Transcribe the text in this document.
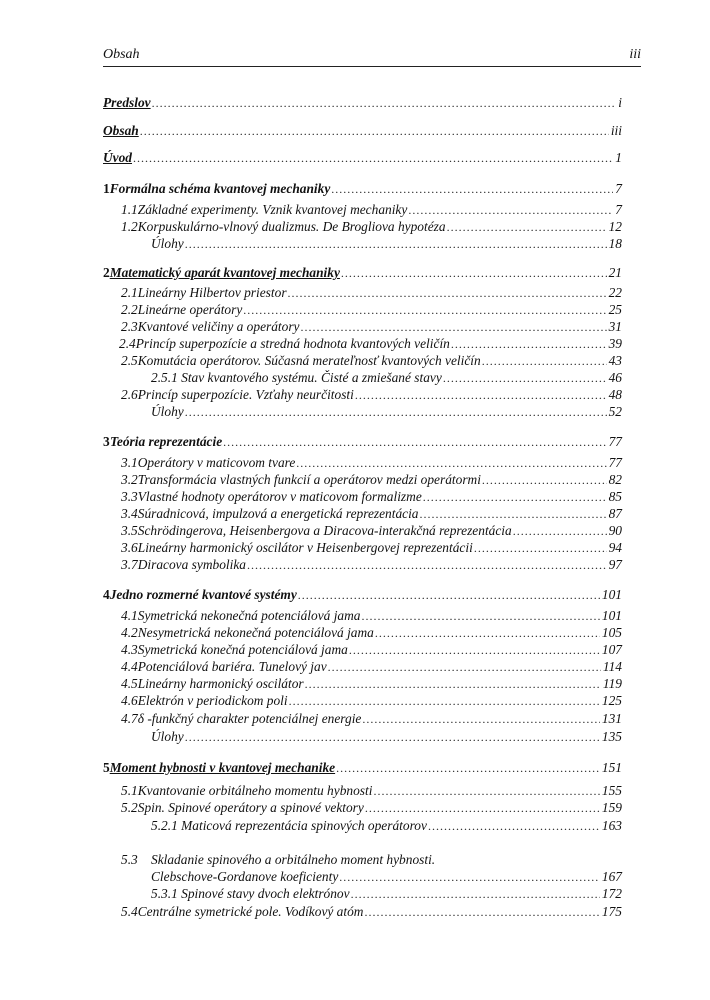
Obsah	iii
Predslov .....	i
Obsah .....	iii
Úvod .....	1
1 Formálna schéma kvantovej mechaniky .....	7
1.1 Základné experimenty. Vznik kvantovej mechaniky .....	7
1.2 Korpuskulárno-vlnový dualizmus. De Brogliova hypotéza .....	12
Úlohy .....	18
2 Matematický aparát kvantovej mechaniky .....	21
2.1 Lineárny Hilbertov priestor .....	22
2.2 Lineárne operátory .....	25
2.3 Kvantové veličiny a operátory .....	31
2.4 Princíp superpozície a stredná hodnota kvantových veličín .....	39
2.5 Komutácia operátorov. Súčasná merateľnosť kvantových veličín .....	43
2.5.1 Stav kvantového systému. Čisté a zmiešané stavy .....	46
2.6 Princíp superpozície. Vzťahy neurčitosti .....	48
Úlohy .....	52
3 Teória reprezentácie .....	77
3.1 Operátory v maticovom tvare .....	77
3.2 Transformácia vlastných funkcií a operátorov medzi operátormi .....	82
3.3 Vlastné hodnoty operátorov v maticovom formalizme .....	85
3.4 Súradnicová, impulzová a energetická reprezentácia .....	87
3.5 Schrödingerova, Heisenbergova a Diracova-interakčná reprezentácia .....	90
3.6 Lineárny harmonický oscilátor v Heisenbergovej reprezentácii .....	94
3.7 Diracova symbolika .....	97
4 Jedno rozmerné kvantové systémy .....	101
4.1 Symetrická nekonečná potenciálová jama .....	101
4.2 Nesymetrická nekonečná potenciálová jama .....	105
4.3 Symetrická konečná potenciálová jama .....	107
4.4 Potenciálová bariéra. Tunelový jav .....	114
4.5 Lineárny harmonický oscilátor .....	119
4.6 Elektrón v periodickom poli .....	125
4.7 δ -funkčný charakter potenciálnej energie .....	131
Úlohy .....	135
5 Moment hybnosti v kvantovej mechanike .....	151
5.1 Kvantovanie orbitálneho momentu hybnosti .....	155
5.2 Spin. Spinové operátory a spinové vektory .....	159
5.2.1 Maticová reprezentácia spinových operátorov .....	163
5.3 Skladanie spinového a orbitálneho moment hybnosti.
Clebschove-Gordanove koeficienty .....	167
5.3.1 Spinové stavy dvoch elektrónov .....	172
5.4 Centrálne symetrické pole. Vodíkový atóm .....	175
